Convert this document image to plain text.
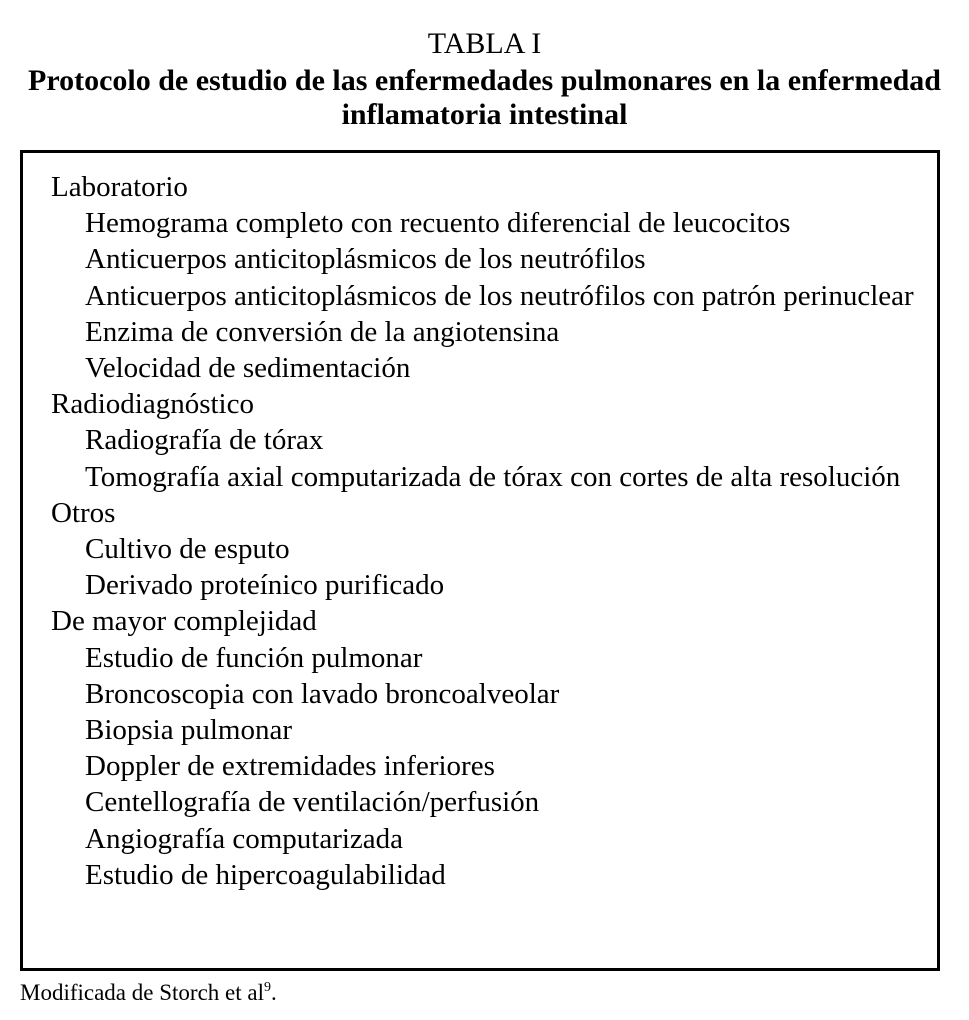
TABLA I
Protocolo de estudio de las enfermedades pulmonares en la enfermedad inflamatoria intestinal
Laboratorio
Hemograma completo con recuento diferencial de leucocitos
Anticuerpos anticitoplásmicos de los neutrófilos
Anticuerpos anticitoplásmicos de los neutrófilos con patrón perinuclear
Enzima de conversión de la angiotensina
Velocidad de sedimentación
Radiodiagnóstico
Radiografía de tórax
Tomografía axial computarizada de tórax con cortes de alta resolución
Otros
Cultivo de esputo
Derivado proteínico purificado
De mayor complejidad
Estudio de función pulmonar
Broncoscopia con lavado broncoalveolar
Biopsia pulmonar
Doppler de extremidades inferiores
Centellografía de ventilación/perfusión
Angiografía computarizada
Estudio de hipercoagulabilidad
Modificada de Storch et $al^9$.
